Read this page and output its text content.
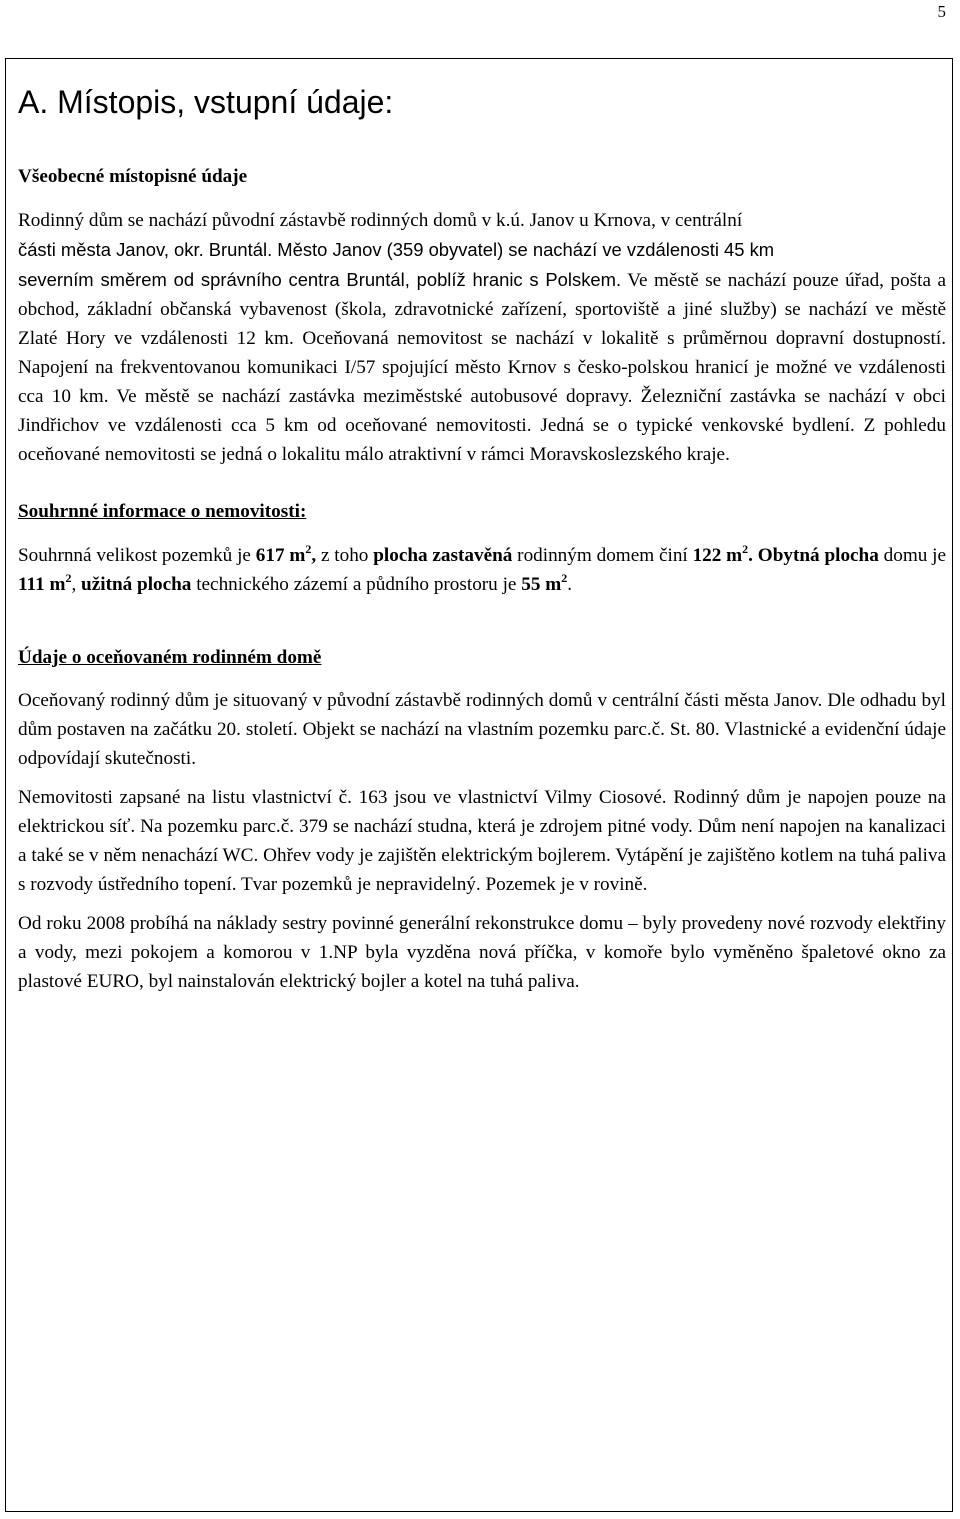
5
A. Místopis, vstupní údaje:
Všeobecné místopisné údaje

Rodinný dům se nachází původní zástavbě rodinných domů v k.ú. Janov u Krnova, v centrální
části města Janov, okr. Bruntál. Město Janov (359 obyvatel) se nachází ve vzdálenosti 45 km
severním směrem od správního centra Bruntál, poblíž hranic s Polskem. Ve městě se nachází pouze úřad, pošta a obchod, základní občanská vybavenost (škola, zdravotnické zařízení, sportoviště a jiné služby) se nachází ve městě Zlaté Hory ve vzdálenosti 12 km. Oceňovaná nemovitost se nachází v lokalitě s průměrnou dopravní dostupností. Napojení na frekventovanou komunikaci I/57 spojující město Krnov s česko-polskou hranicí je možné ve vzdálenosti cca 10 km. Ve městě se nachází zastávka meziměstské autobusové dopravy. Železniční zastávka se nachází v obci Jindřichov ve vzdálenosti cca 5 km od oceňované nemovitosti. Jedná se o typické venkovské bydlení. Z pohledu oceňované nemovitosti se jedná o lokalitu málo atraktivní v rámci Moravskoslezského kraje.

Souhrnné informace o nemovitosti:

Souhrnná velikost pozemků je 617 $m^2$, z toho plocha zastavěná rodinným domem činí 122 $m^2$. Obytná plocha domu je 111 $m^2$, užitná plocha technického zázemí a půdního prostoru je 55 $m^2$.

Údaje o oceňovaném rodinném domě

Oceňovaný rodinný dům je situovaný v původní zástavbě rodinných domů v centrální části města Janov. Dle odhadu byl dům postaven na začátku 20. století. Objekt se nachází na vlastním pozemku parc.č. St. 80. Vlastnické a evidenční údaje odpovídají skutečnosti.

Nemovitosti zapsané na listu vlastnictví č. 163 jsou ve vlastnictví Vilmy Ciosové. Rodinný dům je napojen pouze na elektrickou síť. Na pozemku parc.č. 379 se nachází studna, která je zdrojem pitné vody. Dům není napojen na kanalizaci a také se v něm nenachází WC. Ohřev vody je zajištěn elektrickým bojlerem. Vytápění je zajištěno kotlem na tuhá paliva s rozvody ústředního topení. Tvar pozemků je nepravidelný. Pozemek je v rovině.

Od roku 2008 probíhá na náklady sestry povinné generální rekonstrukce domu – byly provedeny nové rozvody elektřiny a vody, mezi pokojem a komorou v 1.NP byla vyzděna nová příčka, v komoře bylo vyměněno špaletové okno za plastové EURO, byl nainstalován elektrický bojler a kotel na tuhá paliva.
